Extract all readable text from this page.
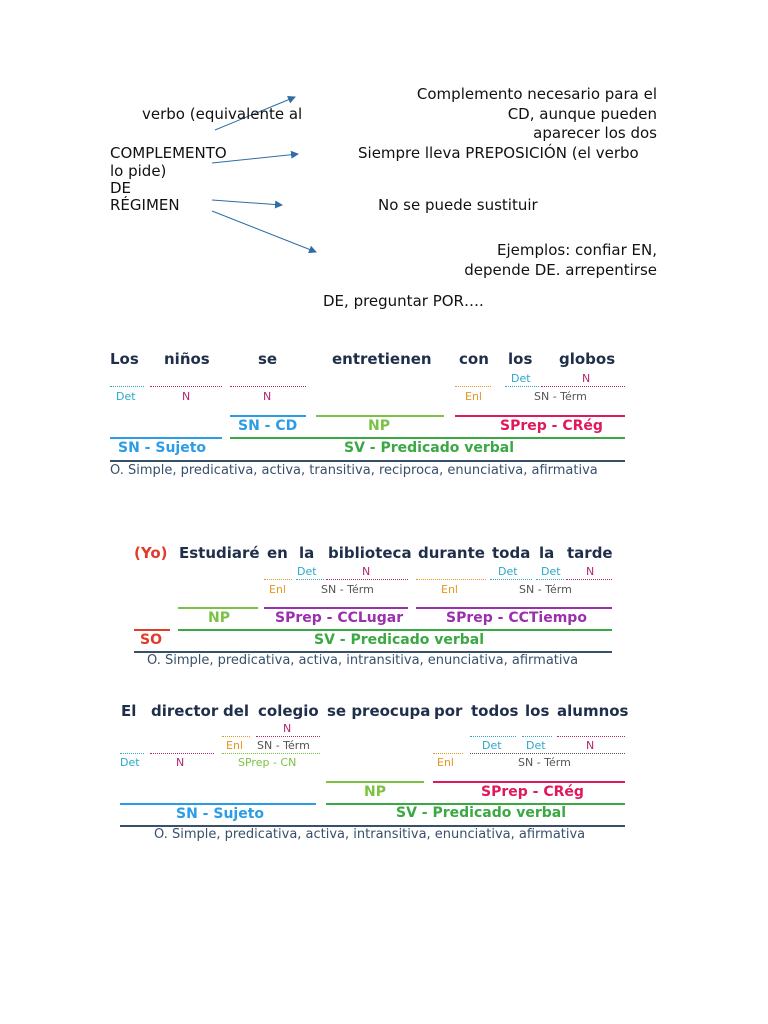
Complemento necesario para el
verbo (equivalente al	CD, aunque pueden
aparecer los dos
COMPLEMENTO	Siempre lleva PREPOSICIÓN (el verbo
lo pide)
DE
RÉGIMEN	No se puede sustituir
Ejemplos: confiar EN,
depende DE. arrepentirse
DE, preguntar POR….
Los niños	se	entretienen con los globos
Det	N
Det	N	N	Enl	SN - Térm
SN - CD	NP	SPrep - CRég
SN - Sujeto	SV - Predicado verbal
O. Simple, predicativa, activa, transitiva, reciproca, enunciativa, afirmativa
(Yo) Estudiaré en la biblioteca durante toda la tarde
Det	N	Det Det N
Enl	SN - Térm	Enl	SN - Térm
NP	SPrep - CCLugar	SPrep - CCTiempo
SO	SV - Predicado verbal
O. Simple, predicativa, activa, intransitiva, enunciativa, afirmativa
El director del colegio se preocupa por todos los alumnos
N
Enl SN - Térm	Det Det	N
Det	N	SPrep - CN	Enl	SN - Térm
NP	SPrep - CRég
SN - Sujeto	SV - Predicado verbal
O. Simple, predicativa, activa, intransitiva, enunciativa, afirmativa
